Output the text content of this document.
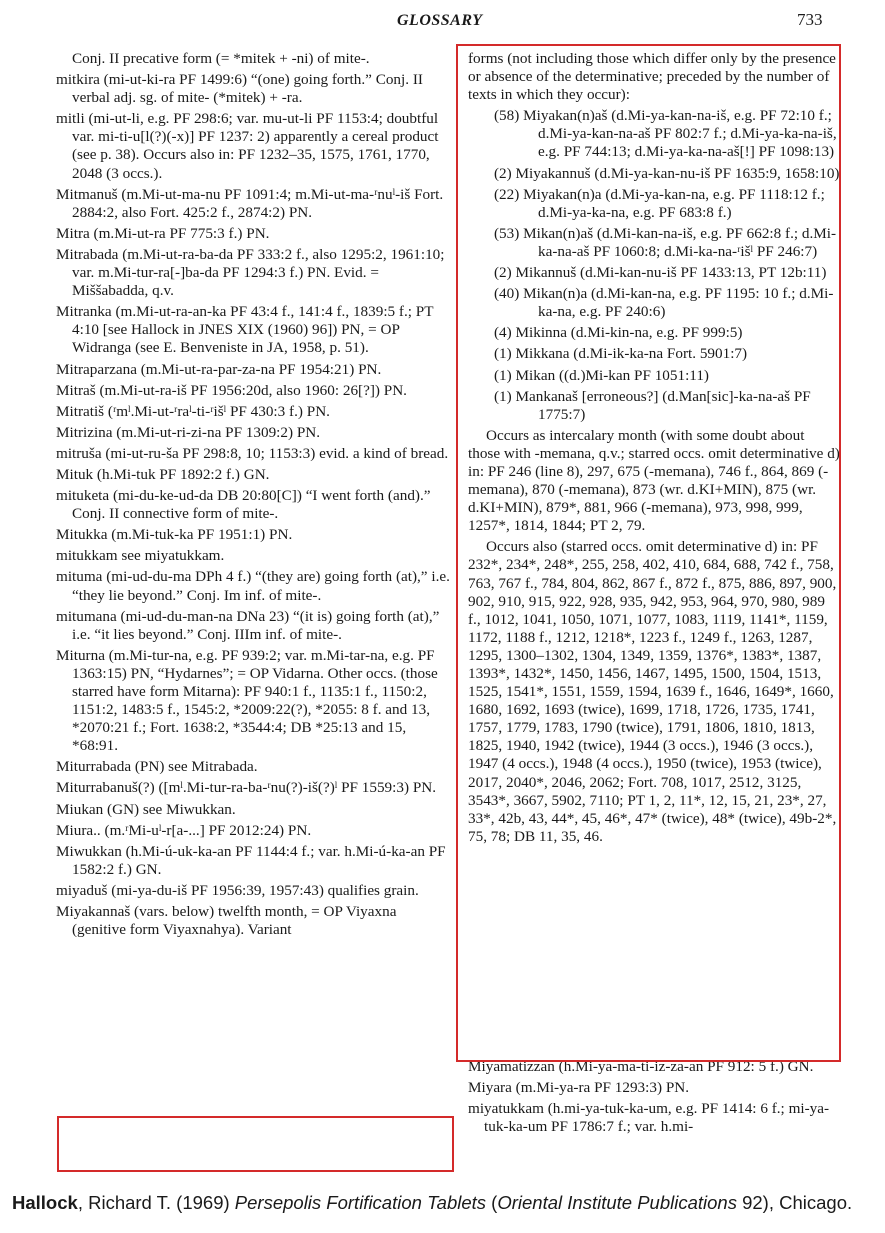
GLOSSARY	733

Conj. II precative form (= *mitek + -ni) of mite-.

mitkira (mi-ut-ki-ra PF 1499:6) “(one) going forth.” Conj. II verbal adj. sg. of mite- (*mitek) + -ra.

mitli (mi-ut-li, e.g. PF 298:6; var. mu-ut-li PF 1153:4; doubtful var. mi-ti-u[l(?)(-x)] PF 1237: 2) apparently a cereal product (see p. 38). Occurs also in: PF 1232–35, 1575, 1761, 1770, 2048 (3 occs.).

Mitmanuš (m.Mi-ut-ma-nu PF 1091:4; m.Mi-ut-ma-ʳnuˡ-iš Fort. 2884:2, also Fort. 425:2 f., 2874:2) PN.

Mitra (m.Mi-ut-ra PF 775:3 f.) PN.

Mitrabada (m.Mi-ut-ra-ba-da PF 333:2 f., also 1295:2, 1961:10; var. m.Mi-tur-ra[-]ba-da PF 1294:3 f.) PN. Evid. = Miššabadda, q.v.

Mitranka (m.Mi-ut-ra-an-ka PF 43:4 f., 141:4 f., 1839:5 f.; PT 4:10 [see Hallock in JNES XIX (1960) 96]) PN, = OP Widranga (see E. Benveniste in JA, 1958, p. 51).

Mitraparzana (m.Mi-ut-ra-par-za-na PF 1954:21) PN.

Mitraš (m.Mi-ut-ra-iš PF 1956:20d, also 1960: 26[?]) PN.

Mitratiš (ʳmˡ.Mi-ut-ʳraˡ-ti-ʳišˡ PF 430:3 f.) PN.

Mitrizina (m.Mi-ut-ri-zi-na PF 1309:2) PN.

mitruša (mi-ut-ru-ša PF 298:8, 10; 1153:3) evid. a kind of bread.

Mituk (h.Mi-tuk PF 1892:2 f.) GN.

mituketa (mi-du-ke-ud-da DB 20:80[C]) “I went forth (and).” Conj. II connective form of mite-.

Mitukka (m.Mi-tuk-ka PF 1951:1) PN.

mitukkam see miyatukkam.

mituma (mi-ud-du-ma DPh 4 f.) “(they are) going forth (at),” i.e. “they lie beyond.” Conj. Im inf. of mite-.

mitumana (mi-ud-du-man-na DNa 23) “(it is) going forth (at),” i.e. “it lies beyond.” Conj. IIIm inf. of mite-.

Miturna (m.Mi-tur-na, e.g. PF 939:2; var. m.Mi-tar-na, e.g. PF 1363:15) PN, “Hydarnes”; = OP Vidarna. Other occs. (those starred have form Mitarna): PF 940:1 f., 1135:1 f., 1150:2, 1151:2, 1483:5 f., 1545:2, *2009:22(?), *2055: 8 f. and 13, *2070:21 f.; Fort. 1638:2, *3544:4; DB *25:13 and 15, *68:91.

Miturrabada (PN) see Mitrabada.

Miturrabanuš(?) ([mˡ.Mi-tur-ra-ba-ʳnu(?)-iš(?)ˡ PF 1559:3) PN.

Miukan (GN) see Miwukkan.

Miura.. (m.ʳMi-uˡ-r[a-...] PF 2012:24) PN.

Miwukkan (h.Mi-ú-uk-ka-an PF 1144:4 f.; var. h.Mi-ú-ka-an PF 1582:2 f.) GN.

miyaduš (mi-ya-du-iš PF 1956:39, 1957:43) qualifies grain.

Miyakannaš (vars. below) twelfth month, = OP Viyaxna (genitive form Viyaxnahya). Variant

forms (not including those which differ only by the presence or absence of the determinative; preceded by the number of texts in which they occur):

(58) Miyakan(n)aš (d.Mi-ya-kan-na-iš, e.g. PF 72:10 f.; d.Mi-ya-kan-na-aš PF 802:7 f.; d.Mi-ya-ka-na-iš, e.g. PF 744:13; d.Mi-ya-ka-na-aš[!] PF 1098:13)

(2) Miyakannuš (d.Mi-ya-kan-nu-iš PF 1635:9, 1658:10)

(22) Miyakan(n)a (d.Mi-ya-kan-na, e.g. PF 1118:12 f.; d.Mi-ya-ka-na, e.g. PF 683:8 f.)

(53) Mikan(n)aš (d.Mi-kan-na-iš, e.g. PF 662:8 f.; d.Mi-ka-na-aš PF 1060:8; d.Mi-ka-na-ʳišˡ PF 246:7)

(2) Mikannuš (d.Mi-kan-nu-iš PF 1433:13, PT 12b:11)

(40) Mikan(n)a (d.Mi-kan-na, e.g. PF 1195: 10 f.; d.Mi-ka-na, e.g. PF 240:6)

(4) Mikinna (d.Mi-kin-na, e.g. PF 999:5)

(1) Mikkana (d.Mi-ik-ka-na Fort. 5901:7)

(1) Mikan ((d.)Mi-kan PF 1051:11)

(1) Mankanaš [erroneous?] (d.Man[sic]-ka-na-aš PF 1775:7)

Occurs as intercalary month (with some doubt about those with -memana, q.v.; starred occs. omit determinative d) in: PF 246 (line 8), 297, 675 (-memana), 746 f., 864, 869 (-memana), 870 (-memana), 873 (wr. d.KI+MIN), 875 (wr. d.KI+MIN), 879*, 881, 966 (-memana), 973, 998, 999, 1257*, 1814, 1844; PT 2, 79.

Occurs also (starred occs. omit determinative d) in: PF 232*, 234*, 248*, 255, 258, 402, 410, 684, 688, 742 f., 758, 763, 767 f., 784, 804, 862, 867 f., 872 f., 875, 886, 897, 900, 902, 910, 915, 922, 928, 935, 942, 953, 964, 970, 980, 989 f., 1012, 1041, 1050, 1071, 1077, 1083, 1119, 1141*, 1159, 1172, 1188 f., 1212, 1218*, 1223 f., 1249 f., 1263, 1287, 1295, 1300–1302, 1304, 1349, 1359, 1376*, 1383*, 1387, 1393*, 1432*, 1450, 1456, 1467, 1495, 1500, 1504, 1513, 1525, 1541*, 1551, 1559, 1594, 1639 f., 1646, 1649*, 1660, 1680, 1692, 1693 (twice), 1699, 1718, 1726, 1735, 1741, 1757, 1779, 1783, 1790 (twice), 1791, 1806, 1810, 1813, 1825, 1940, 1942 (twice), 1944 (3 occs.), 1946 (3 occs.), 1947 (4 occs.), 1948 (4 occs.), 1950 (twice), 1953 (twice), 2017, 2040*, 2046, 2062; Fort. 708, 1017, 2512, 3125, 3543*, 3667, 5902, 7110; PT 1, 2, 11*, 12, 15, 21, 23*, 27, 33*, 42b, 43, 44*, 45, 46*, 47* (twice), 48* (twice), 49b-2*, 75, 78; DB 11, 35, 46.

Miyamatizzan (h.Mi-ya-ma-ti-iz-za-an PF 912: 5 f.) GN.

Miyara (m.Mi-ya-ra PF 1293:3) PN.

miyatukkam (h.mi-ya-tuk-ka-um, e.g. PF 1414: 6 f.; mi-ya-tuk-ka-um PF 1786:7 f.; var. h.mi-

Hallock, Richard T. (1969) Persepolis Fortification Tablets (Oriental Institute Publications 92), Chicago.
